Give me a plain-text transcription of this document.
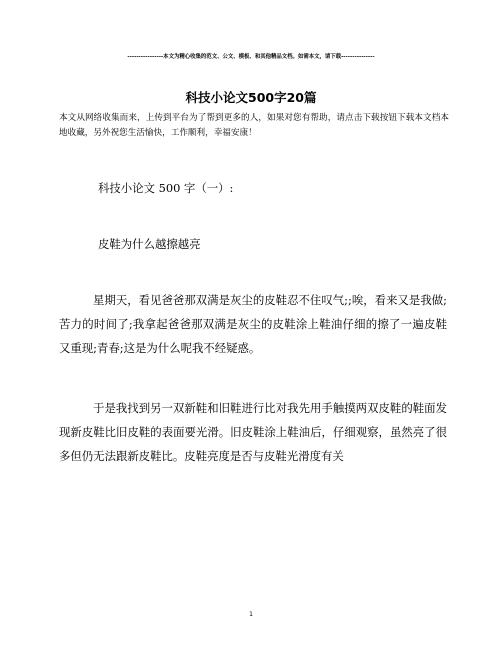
----------------本文为精心收集的范文、公文、模板、和其他精品文档。如需本文，请下载---------------
科技小论文500字20篇
本文从网络收集而来，上传到平台为了帮到更多的人，如果对您有帮助，请点击下载按钮下载本文档本地收藏，另外祝您生活愉快，工作顺利，幸福安康！
科技小论文 500 字（一）:
皮鞋为什么越擦越亮
星期天，看见爸爸那双满是灰尘的皮鞋忍不住叹气;;唉，看来又是我做;苦力的时间了;我拿起爸爸那双满是灰尘的皮鞋涂上鞋油仔细的擦了一遍皮鞋又重现;青春;这是为什么呢我不经疑惑。
于是我找到另一双新鞋和旧鞋进行比对我先用手触摸两双皮鞋的鞋面发现新皮鞋比旧皮鞋的表面要光滑。旧皮鞋涂上鞋油后，仔细观察，虽然亮了很多但仍无法跟新皮鞋比。皮鞋亮度是否与皮鞋光滑度有关
1
